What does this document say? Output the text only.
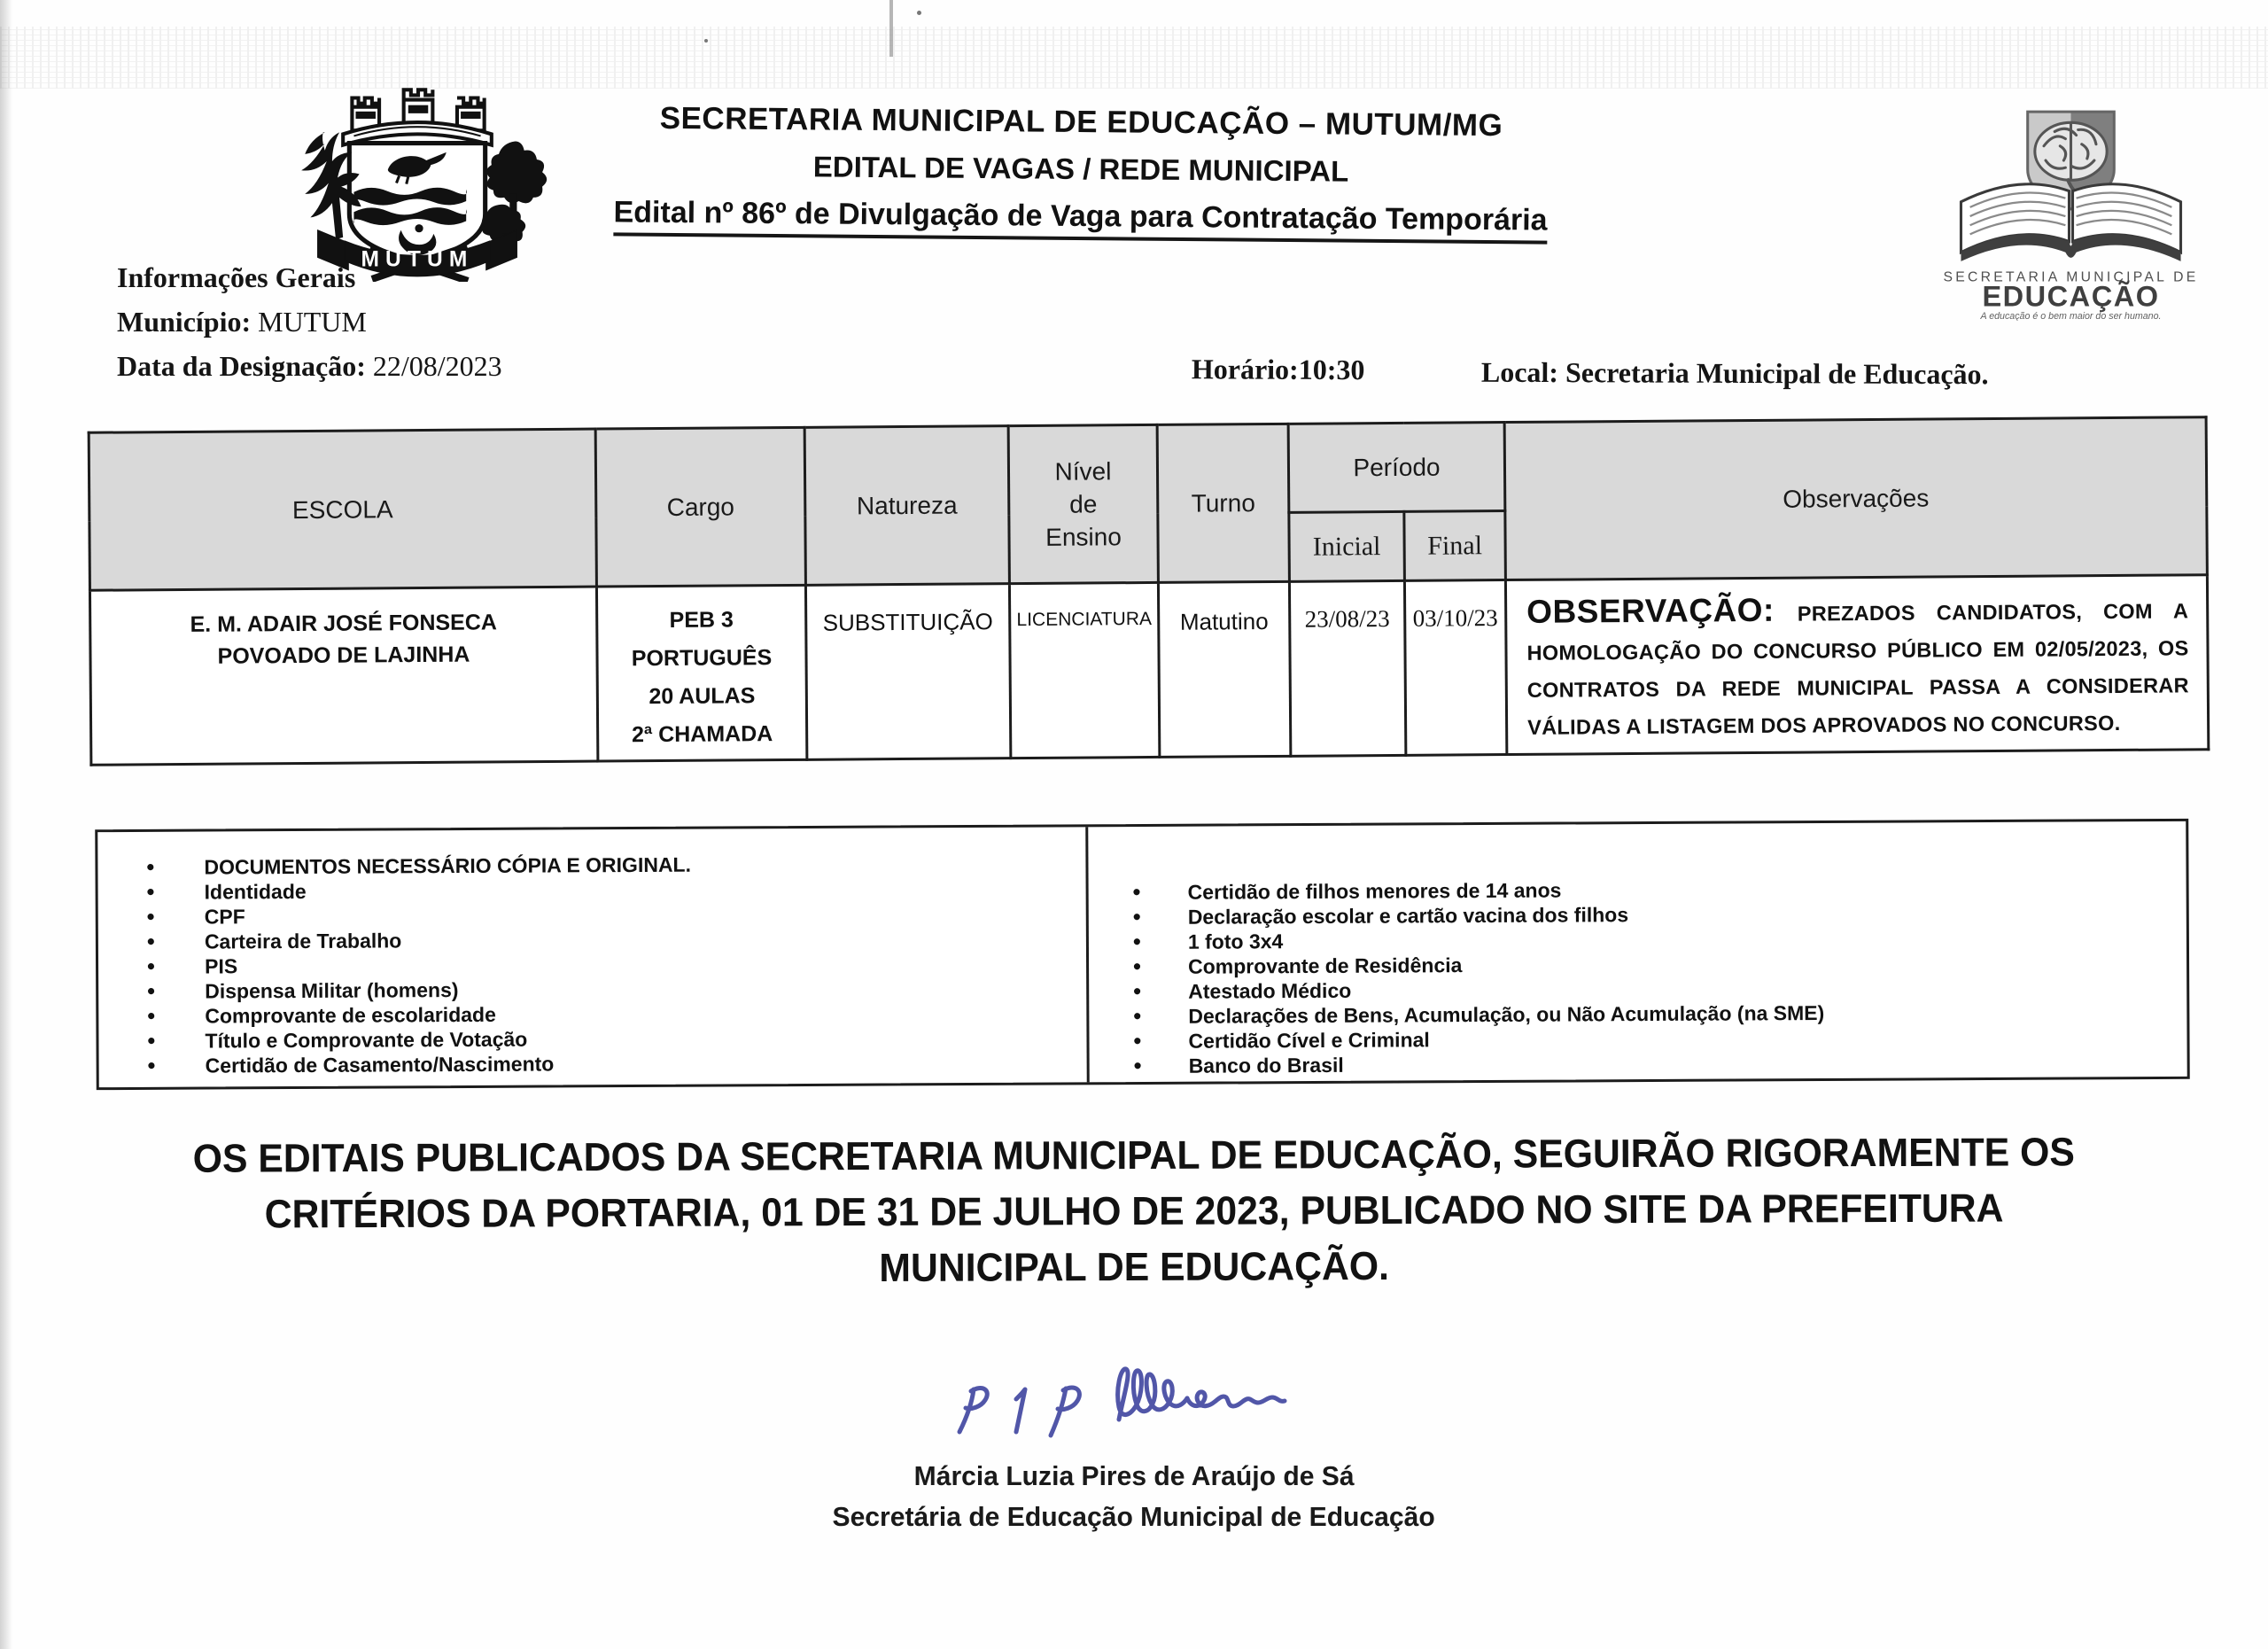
MUTUM
SECRETARIA MUNICIPAL DE EDUCAÇÃO – MUTUM/MG
EDITAL DE VAGAS / REDE MUNICIPAL
Edital nº 86º de Divulgação de Vaga para Contratação Temporária
SECRETARIA MUNICIPAL DE
EDUCAÇÃO
A educação é o bem maior do ser humano.
Informações Gerais
Município: MUTUM
Data da Designação: 22/08/2023	Horário:10:30	Local: Secretaria Municipal de Educação.
ESCOLA	Cargo	Natureza	Nível
de
Ensino	Turno	Período		Observações
					Inicial	Final	
E. M. ADAIR JOSÉ FONSECA
POVOADO DE LAJINHA	PEB 3 PORTUGUÊS
20 AULAS
2ª CHAMADA	SUBSTITUIÇÃO	LICENCIATURA	Matutino	23/08/23	03/10/23	OBSERVAÇÃO: PREZADOS CANDIDATOS, COM A HOMOLOGAÇÃO DO CONCURSO PÚBLICO EM 02/05/2023, OS CONTRATOS DA REDE MUNICIPAL PASSA A CONSIDERAR VÁLIDAS A LISTAGEM DOS APROVADOS NO CONCURSO.
• DOCUMENTOS NECESSÁRIO CÓPIA E ORIGINAL.
• Identidade
• CPF
• Carteira de Trabalho
• PIS
• Dispensa Militar (homens)
• Comprovante de escolaridade
• Título e Comprovante de Votação
• Certidão de Casamento/Nascimento
• Certidão de filhos menores de 14 anos
• Declaração escolar e cartão vacina dos filhos
• 1 foto 3x4
• Comprovante de Residência
• Atestado Médico
• Declarações de Bens, Acumulação, ou Não Acumulação (na SME)
• Certidão Cível e Criminal
• Banco do Brasil
OS EDITAIS PUBLICADOS DA SECRETARIA MUNICIPAL DE EDUCAÇÃO, SEGUIRÃO RIGORAMENTE OS
CRITÉRIOS DA PORTARIA, 01 DE 31 DE JULHO DE 2023, PUBLICADO NO SITE DA PREFEITURA
MUNICIPAL DE EDUCAÇÃO.
Márcia Luzia Pires de Araújo de Sá
Secretária de Educação Municipal de Educação
